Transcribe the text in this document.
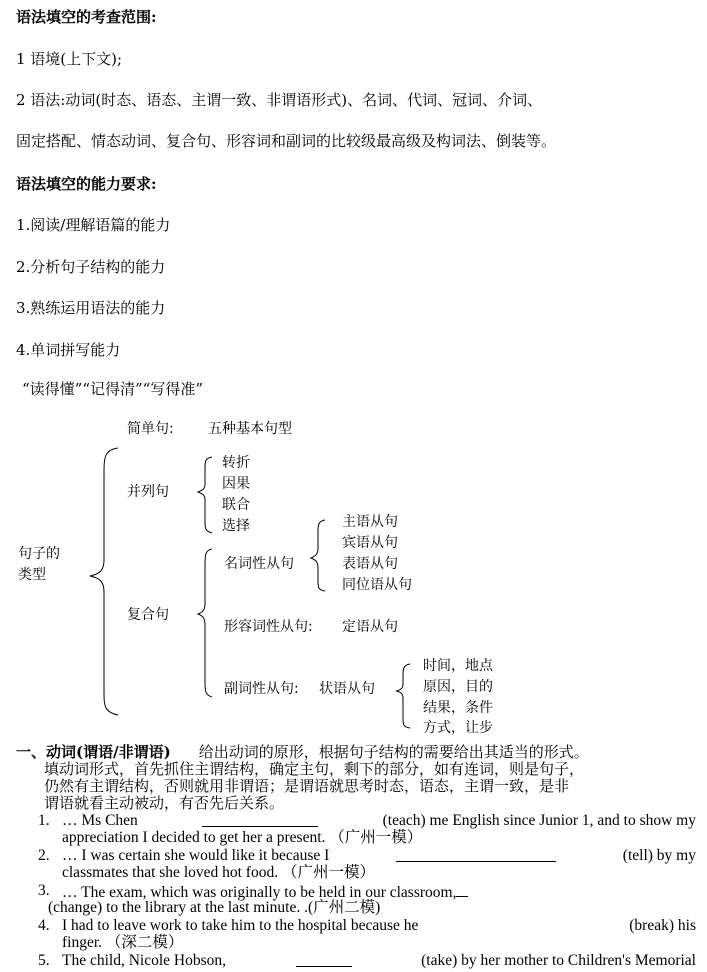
语法填空的考查范围:
1 语境(上下文);
2 语法:动词(时态、语态、主谓一致、非谓语形式)、名词、代词、冠词、介词、
固定搭配、情态动词、复合句、形容词和副词的比较级最高级及构词法、倒装等。
语法填空的能力要求:
1.阅读/理解语篇的能力
2.分析句子结构的能力
3.熟练运用语法的能力
4.单词拼写能力
“读得懂”“记得清”“写得准”
句子的
类型
简单句: 五种基本句型
并列句
转折
因果
联合
选择
复合句
名词性从句
主语从句
宾语从句
表语从句
同位语从句
形容词性从句: 定语从句
副词性从句: 状语从句
时间，地点
原因，目的
结果，条件
方式，让步
一、动词(谓语/非谓语) 给出动词的原形，根据句子结构的需要给出其适当的形式。
填动词形式，首先抓住主谓结构，确定主句，剩下的部分，如有连词，则是句子，
仍然有主谓结构，否则就用非谓语；是谓语就思考时态，语态，主谓一致，是非
谓语就看主动被动，有否先后关系。
1. … Ms Chen	(teach) me English since Junior 1, and to show my
appreciation I decided to get her a present. （广州一模）
2. … I was certain she would like it because I	(tell) by my
classmates that she loved hot food. （广州一模）
3. … The exam, which was originally to be held in our classroom,
(change) to the library at the last minute. .(广州二模)
4. I had to leave work to take him to the hospital because he	(break) his
finger. （深二模）
5. The child, Nicole Hobson,	(take) by her mother to Children's Memorial
